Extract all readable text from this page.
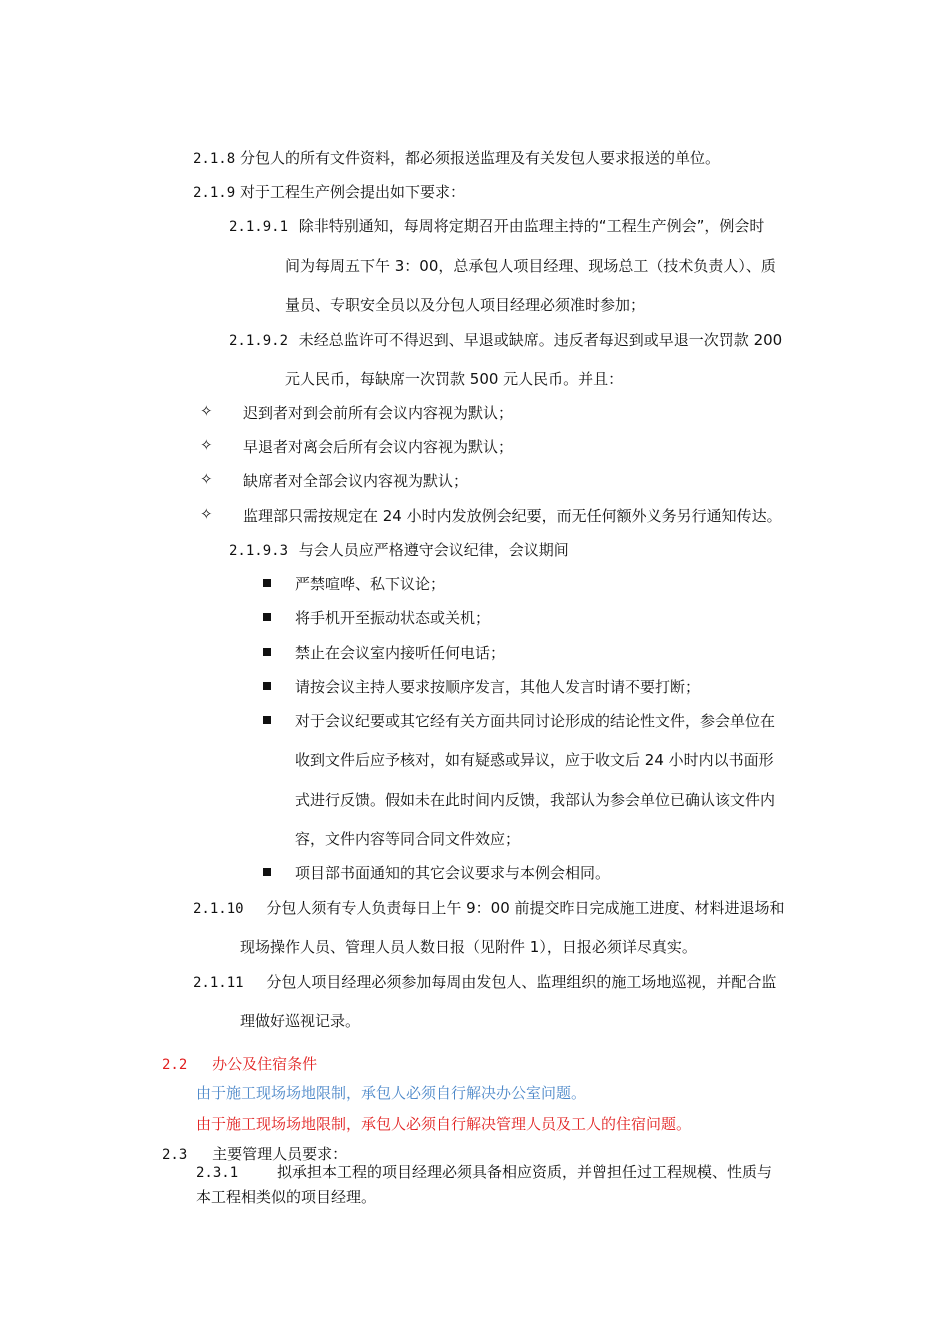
2.1.8 分包人的所有文件资料，都必须报送监理及有关发包人要求报送的单位。
2.1.9 对于工程生产例会提出如下要求：
2.1.9.1 除非特别通知，每周将定期召开由监理主持的“工程生产例会”，例会时
间为每周五下午 3：00，总承包人项目经理、现场总工（技术负责人）、质
量员、专职安全员以及分包人项目经理必须准时参加；
2.1.9.2 未经总监许可不得迟到、早退或缺席。违反者每迟到或早退一次罚款 200
元人民币，每缺席一次罚款 500 元人民币。并且：
✧ 迟到者对到会前所有会议内容视为默认；
✧ 早退者对离会后所有会议内容视为默认；
✧ 缺席者对全部会议内容视为默认；
✧ 监理部只需按规定在 24 小时内发放例会纪要，而无任何额外义务另行通知传达。
2.1.9.3 与会人员应严格遵守会议纪律，会议期间
严禁喧哗、私下议论；
将手机开至振动状态或关机；
禁止在会议室内接听任何电话；
请按会议主持人要求按顺序发言，其他人发言时请不要打断；
对于会议纪要或其它经有关方面共同讨论形成的结论性文件，参会单位在
收到文件后应予核对，如有疑惑或异议，应于收文后 24 小时内以书面形
式进行反馈。假如未在此时间内反馈，我部认为参会单位已确认该文件内
容，文件内容等同合同文件效应；
项目部书面通知的其它会议要求与本例会相同。
2.1.10 分包人须有专人负责每日上午 9：00 前提交昨日完成施工进度、材料进退场和
现场操作人员、管理人员人数日报（见附件 1），日报必须详尽真实。
2.1.11 分包人项目经理必须参加每周由发包人、监理组织的施工场地巡视，并配合监
理做好巡视记录。
2.2 办公及住宿条件
由于施工现场场地限制，承包人必须自行解决办公室问题。
由于施工现场场地限制，承包人必须自行解决管理人员及工人的住宿问题。
2.3 主要管理人员要求：
2.3.1	拟承担本工程的项目经理必须具备相应资质，并曾担任过工程规模、性质与
本工程相类似的项目经理。
